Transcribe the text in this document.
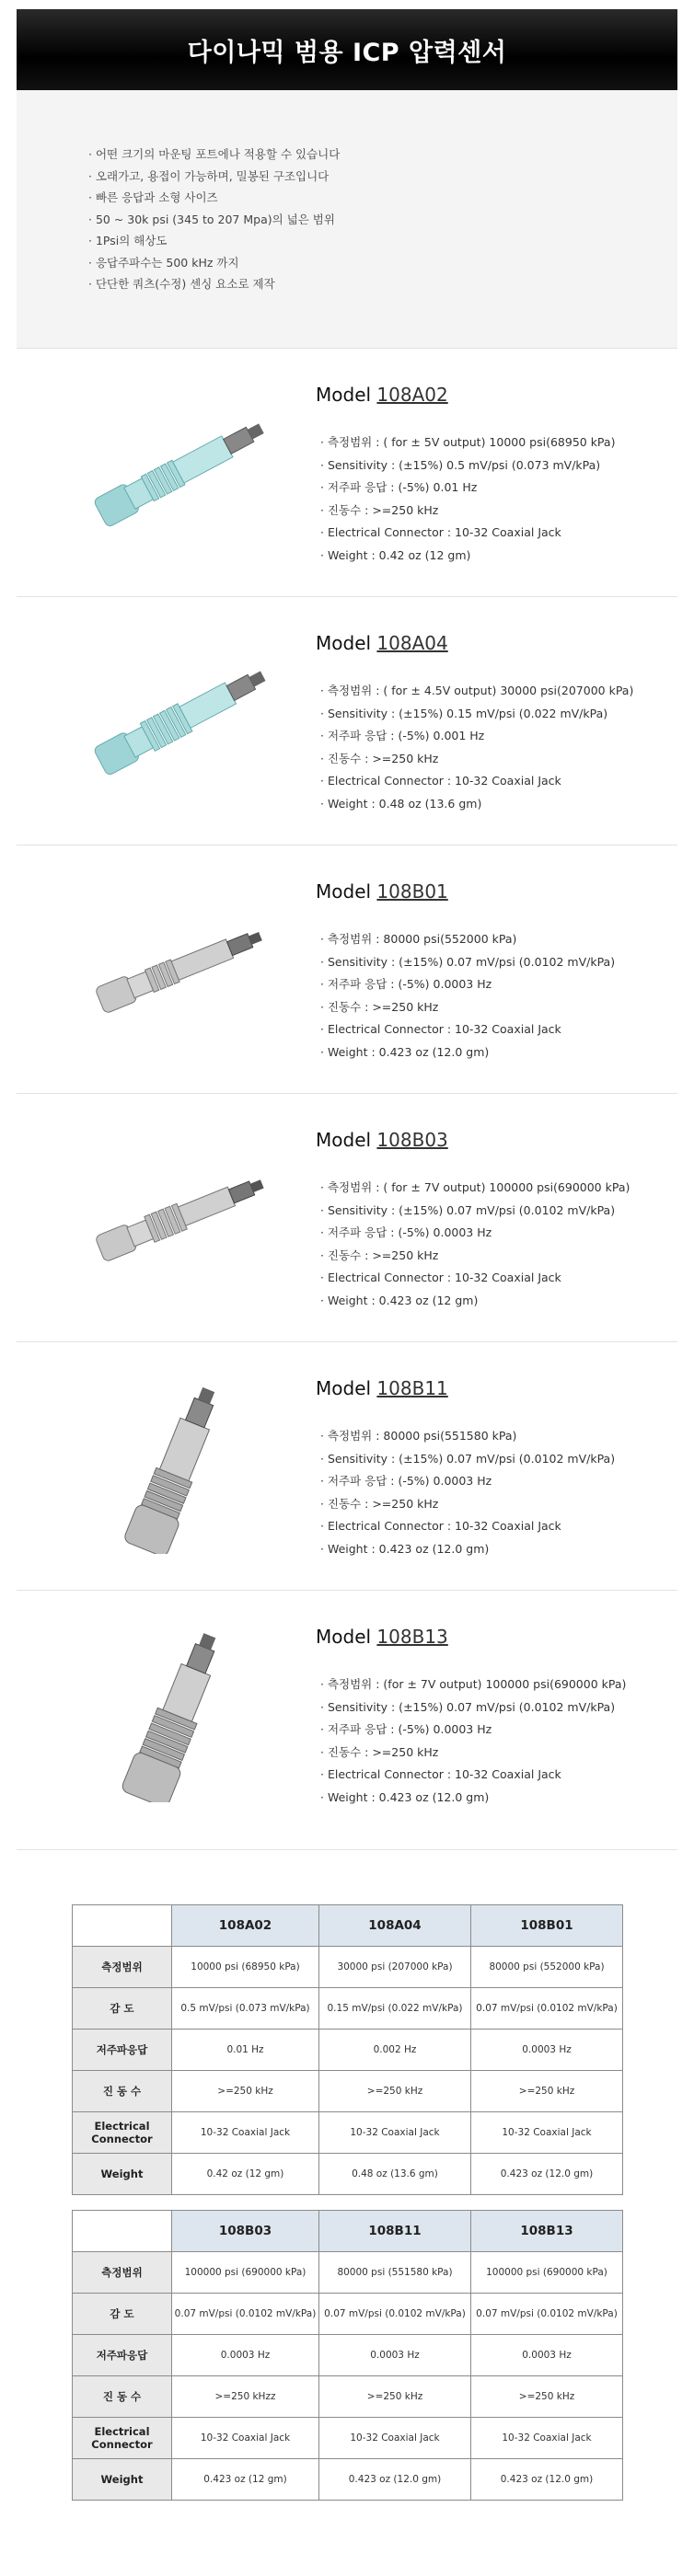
다이나믹 범용 ICP 압력센서
· 어떤 크기의 마운팅 포트에나 적용할 수 있습니다
· 오래가고, 용접이 가능하며, 밀봉된 구조입니다
· 빠른 응답과 소형 사이즈
· 50 ~ 30k psi (345 to 207 Mpa)의 넓은 범위
· 1Psi의 해상도
· 응답주파수는 500 kHz 까지
· 단단한 쿼츠(수정) 센싱 요소로 제작
Model 108A02
· 측정범위 : ( for ± 5V output) 10000 psi(68950 kPa)
· Sensitivity : (±15%) 0.5 mV/psi (0.073 mV/kPa)
· 저주파 응답 : (-5%) 0.01 Hz
· 진동수 : >=250 kHz
· Electrical Connector : 10-32 Coaxial Jack
· Weight : 0.42 oz (12 gm)
Model 108A04
· 측정범위 : ( for ± 4.5V output) 30000 psi(207000 kPa)
· Sensitivity : (±15%) 0.15 mV/psi (0.022 mV/kPa)
· 저주파 응답 : (-5%) 0.001 Hz
· 진동수 : >=250 kHz
· Electrical Connector : 10-32 Coaxial Jack
· Weight : 0.48 oz (13.6 gm)
Model 108B01
· 측정범위 : 80000 psi(552000 kPa)
· Sensitivity : (±15%) 0.07 mV/psi (0.0102 mV/kPa)
· 저주파 응답 : (-5%) 0.0003 Hz
· 진동수 : >=250 kHz
· Electrical Connector : 10-32 Coaxial Jack
· Weight : 0.423 oz (12.0 gm)
Model 108B03
· 측정범위 : ( for ± 7V output) 100000 psi(690000 kPa)
· Sensitivity : (±15%) 0.07 mV/psi (0.0102 mV/kPa)
· 저주파 응답 : (-5%) 0.0003 Hz
· 진동수 : >=250 kHz
· Electrical Connector : 10-32 Coaxial Jack
· Weight : 0.423 oz (12 gm)
Model 108B11
· 측정범위 : 80000 psi(551580 kPa)
· Sensitivity : (±15%) 0.07 mV/psi (0.0102 mV/kPa)
· 저주파 응답 : (-5%) 0.0003 Hz
· 진동수 : >=250 kHz
· Electrical Connector : 10-32 Coaxial Jack
· Weight : 0.423 oz (12.0 gm)
Model 108B13
· 측정범위 : (for ± 7V output) 100000 psi(690000 kPa)
· Sensitivity : (±15%) 0.07 mV/psi (0.0102 mV/kPa)
· 저주파 응답 : (-5%) 0.0003 Hz
· 진동수 : >=250 kHz
· Electrical Connector : 10-32 Coaxial Jack
· Weight : 0.423 oz (12.0 gm)
	108A02	108A04	108B01
측정범위	10000 psi (68950 kPa)	30000 psi (207000 kPa)	80000 psi (552000 kPa)
감 도	0.5 mV/psi (0.073 mV/kPa)	0.15 mV/psi (0.022 mV/kPa)	0.07 mV/psi (0.0102 mV/kPa)
저주파응답	0.01 Hz	0.002 Hz	0.0003 Hz
진 동 수	>=250 kHz	>=250 kHz	>=250 kHz
Electrical Connector	10-32 Coaxial Jack	10-32 Coaxial Jack	10-32 Coaxial Jack
Weight	0.42 oz (12 gm)	0.48 oz (13.6 gm)	0.423 oz (12.0 gm)
	108B03	108B11	108B13
측정범위	100000 psi (690000 kPa)	80000 psi (551580 kPa)	100000 psi (690000 kPa)
감 도	0.07 mV/psi (0.0102 mV/kPa)	0.07 mV/psi (0.0102 mV/kPa)	0.07 mV/psi (0.0102 mV/kPa)
저주파응답	0.0003 Hz	0.0003 Hz	0.0003 Hz
진 동 수	>=250 kHzz	>=250 kHz	>=250 kHz
Electrical Connector	10-32 Coaxial Jack	10-32 Coaxial Jack	10-32 Coaxial Jack
Weight	0.423 oz (12 gm)	0.423 oz (12.0 gm)	0.423 oz (12.0 gm)
